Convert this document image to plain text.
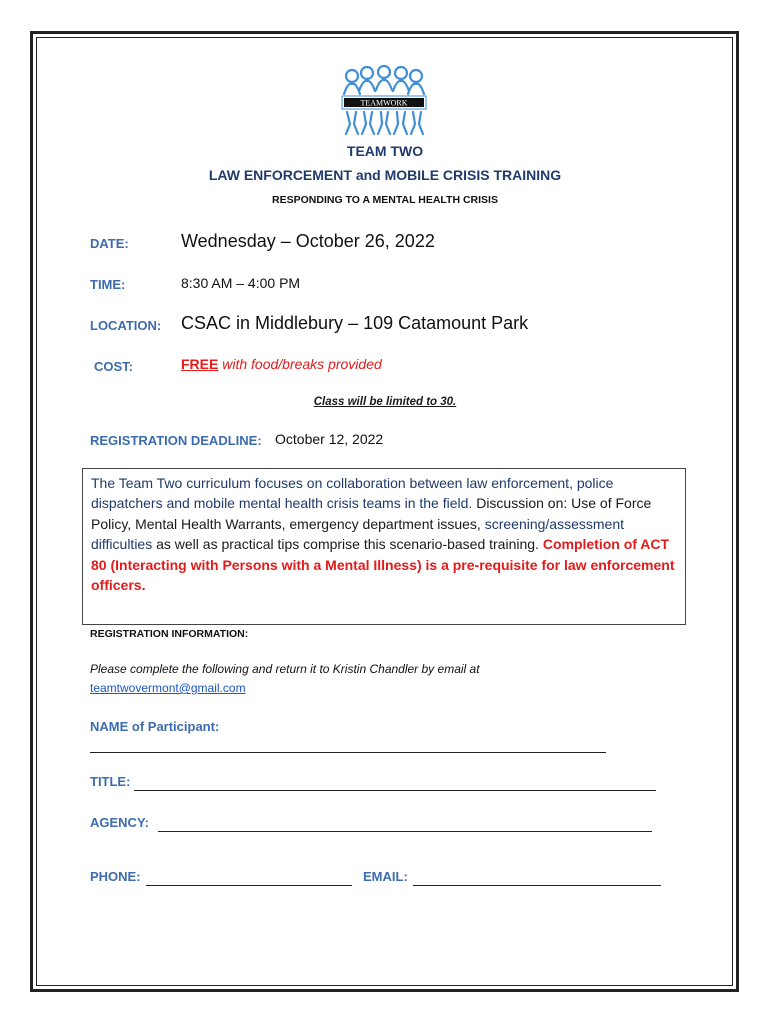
TEAMWORK
TEAM TWO
LAW ENFORCEMENT and MOBILE CRISIS TRAINING
RESPONDING TO A MENTAL HEALTH CRISIS
DATE:	Wednesday – October 26, 2022
TIME:	8:30 AM – 4:00 PM
LOCATION: CSAC in Middlebury – 109 Catamount Park
COST:	FREE with food/breaks provided
Class will be limited to 30.
REGISTRATION DEADLINE: October 12, 2022
The Team Two curriculum focuses on collaboration between law enforcement, police dispatchers and mobile mental health crisis teams in the field. Discussion on: Use of Force Policy, Mental Health Warrants, emergency department issues, screening/assessment difficulties as well as practical tips comprise this scenario-based training. Completion of ACT 80 (Interacting with Persons with a Mental Illness) is a pre-requisite for law enforcement officers.
REGISTRATION INFORMATION:
Please complete the following and return it to Kristin Chandler by email at
teamtwovermont@gmail.com
NAME of Participant:
TITLE:
AGENCY:
PHONE:	EMAIL:
